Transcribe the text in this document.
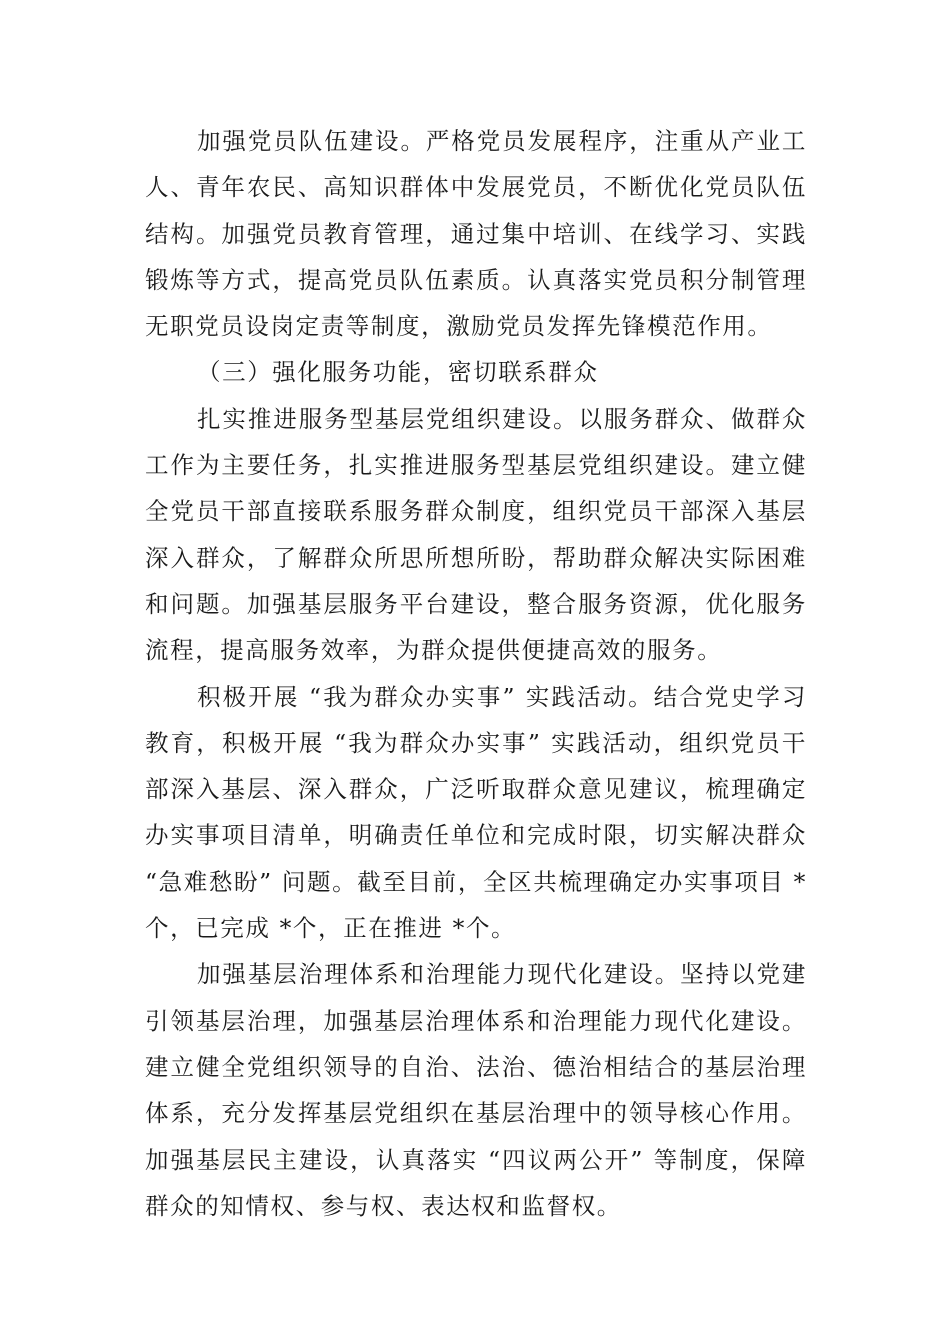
加强党员队伍建设。严格党员发展程序，注重从产业工人、青年农民、高知识群体中发展党员，不断优化党员队伍结构。加强党员教育管理，通过集中培训、在线学习、实践锻炼等方式，提高党员队伍素质。认真落实党员积分制管理无职党员设岗定责等制度，激励党员发挥先锋模范作用。

（三）强化服务功能，密切联系群众

扎实推进服务型基层党组织建设。以服务群众、做群众工作为主要任务，扎实推进服务型基层党组织建设。建立健全党员干部直接联系服务群众制度，组织党员干部深入基层深入群众，了解群众所思所想所盼，帮助群众解决实际困难和问题。加强基层服务平台建设，整合服务资源，优化服务流程，提高服务效率，为群众提供便捷高效的服务。

积极开展 “我为群众办实事” 实践活动。结合党史学习教育，积极开展 “我为群众办实事” 实践活动，组织党员干部深入基层、深入群众，广泛听取群众意见建议，梳理确定办实事项目清单，明确责任单位和完成时限，切实解决群众 “急难愁盼” 问题。截至目前，全区共梳理确定办实事项目 *个，已完成 *个，正在推进 *个。

加强基层治理体系和治理能力现代化建设。坚持以党建引领基层治理，加强基层治理体系和治理能力现代化建设。建立健全党组织领导的自治、法治、德治相结合的基层治理体系，充分发挥基层党组织在基层治理中的领导核心作用。加强基层民主建设，认真落实 “四议两公开” 等制度，保障群众的知情权、参与权、表达权和监督权。
